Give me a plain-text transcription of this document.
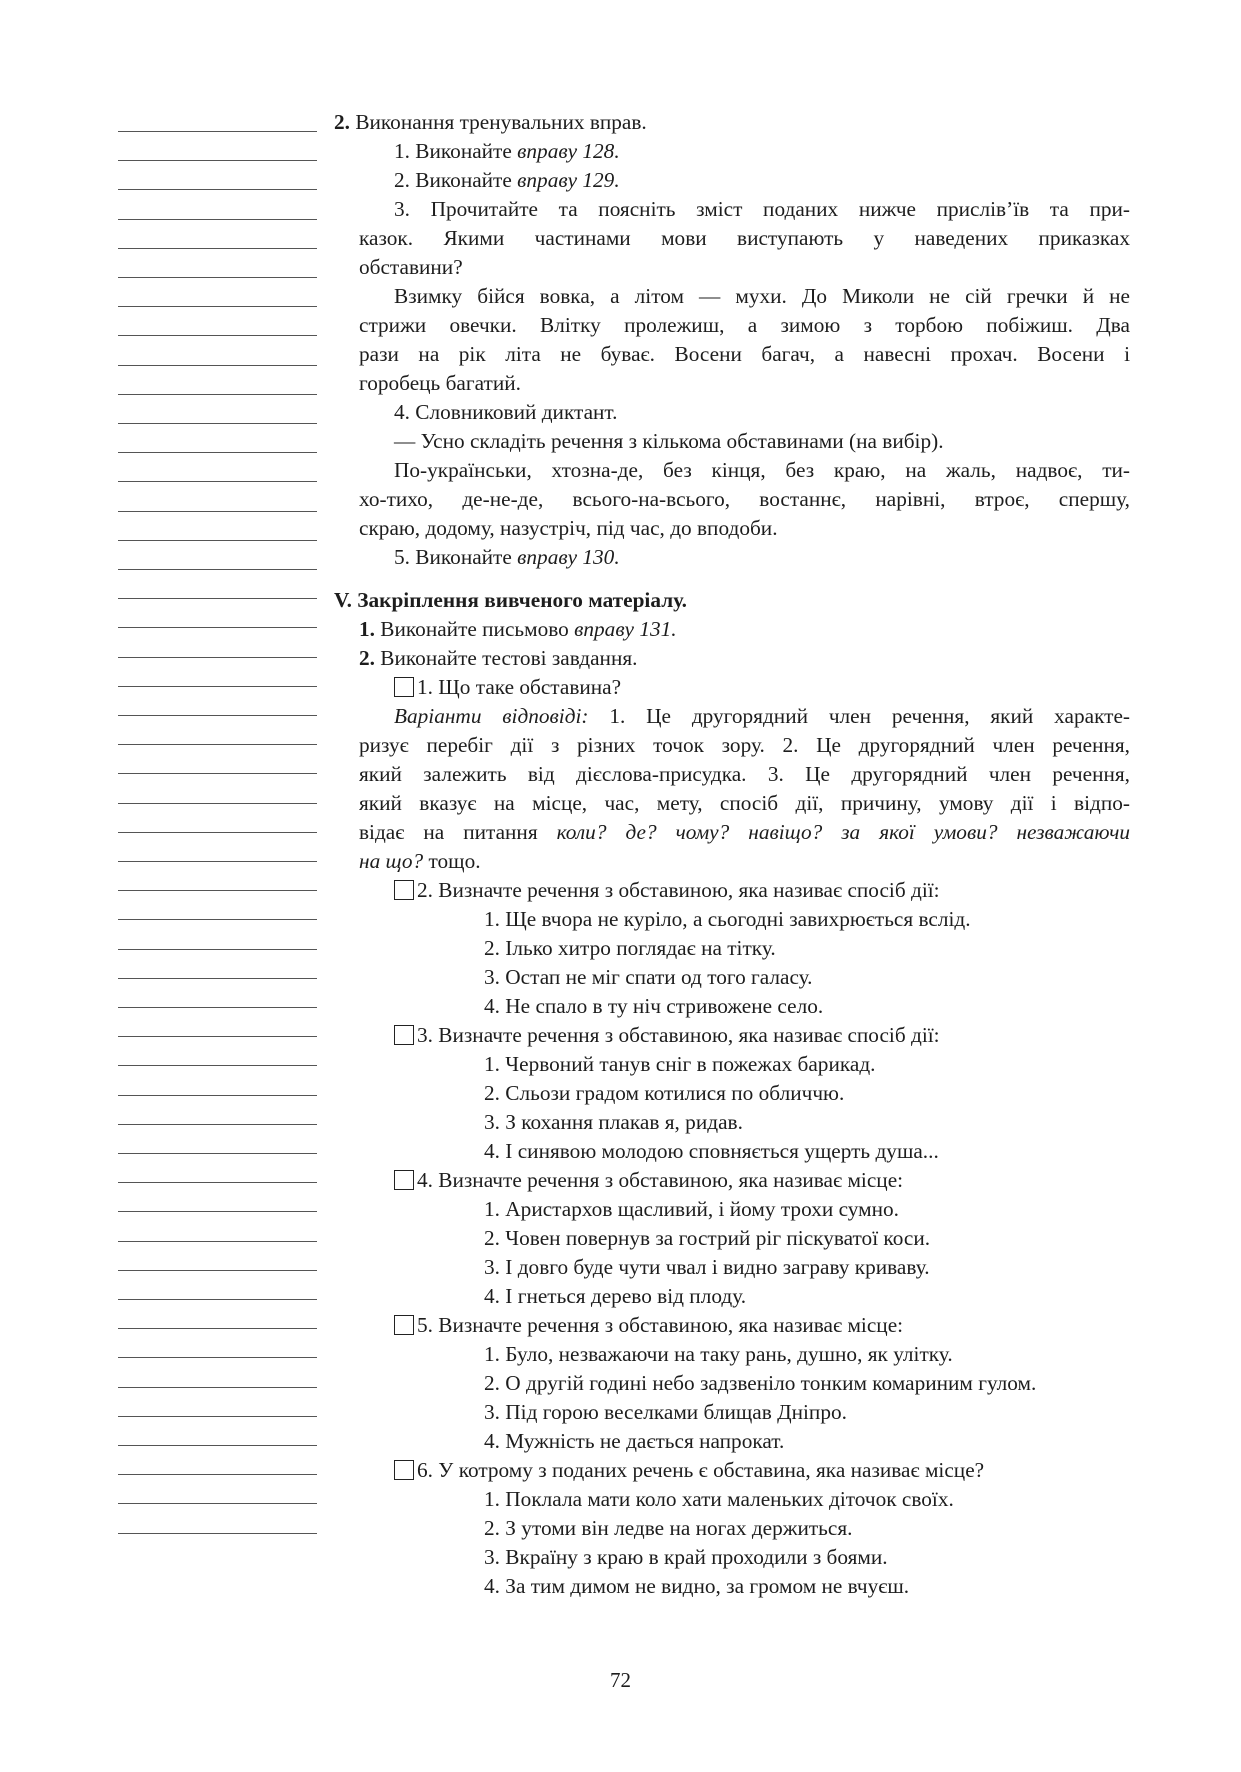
2. Виконання тренувальних вправ.
1. Виконайте вправу 128.
2. Виконайте вправу 129.
3. Прочитайте та поясніть зміст поданих нижче прислів’їв та при-
казок. Якими частинами мови виступають у наведених приказках
обставини?
Взимку бійся вовка, а літом — мухи. До Миколи не сій гречки й не
стрижи овечки. Влітку пролежиш, а зимою з торбою побіжиш. Два
рази на рік літа не буває. Восени багач, а навесні прохач. Восени і
горобець багатий.
4. Словниковий диктант.
— Усно складіть речення з кількома обставинами (на вибір).
По-українськи, хтозна-де, без кінця, без краю, на жаль, надвоє, ти-
хо-тихо, де-не-де, всього-на-всього, востаннє, нарівні, втроє, спершу,
скраю, додому, назустріч, під час, до вподоби.
5. Виконайте вправу 130.
V. Закріплення вивченого матеріалу.
1. Виконайте письмово вправу 131.
2. Виконайте тестові завдання.
1. Що таке обставина?
Варіанти відповіді: 1. Це другорядний член речення, який характе-
ризує перебіг дії з різних точок зору. 2. Це другорядний член речення,
який залежить від дієслова-присудка. 3. Це другорядний член речення,
який вказує на місце, час, мету, спосіб дії, причину, умову дії і відпо-
відає на питання коли? де? чому? навіщо? за якої умови? незважаючи
на що? тощо.
2. Визначте речення з обставиною, яка називає спосіб дії:
1. Ще вчора не куріло, а сьогодні завихрюється вслід.
2. Ілько хитро поглядає на тітку.
3. Остап не міг спати од того галасу.
4. Не спало в ту ніч стривожене село.
3. Визначте речення з обставиною, яка називає спосіб дії:
1. Червоний танув сніг в пожежах барикад.
2. Сльози градом котилися по обличчю.
3. З кохання плакав я, ридав.
4. І синявою молодою сповняється ущерть душа...
4. Визначте речення з обставиною, яка називає місце:
1. Аристархов щасливий, і йому трохи сумно.
2. Човен повернув за гострий ріг піскуватої коси.
3. І довго буде чути чвал і видно заграву криваву.
4. І гнеться дерево від плоду.
5. Визначте речення з обставиною, яка називає місце:
1. Було, незважаючи на таку рань, душно, як улітку.
2. О другій годині небо задзвеніло тонким комариним гулом.
3. Під горою веселками блищав Дніпро.
4. Мужність не дається напрокат.
6. У котрому з поданих речень є обставина, яка називає місце?
1. Поклала мати коло хати маленьких діточок своїх.
2. З утоми він ледве на ногах держиться.
3. Вкраїну з краю в край проходили з боями.
4. За тим димом не видно, за громом не вчуєш.
72
